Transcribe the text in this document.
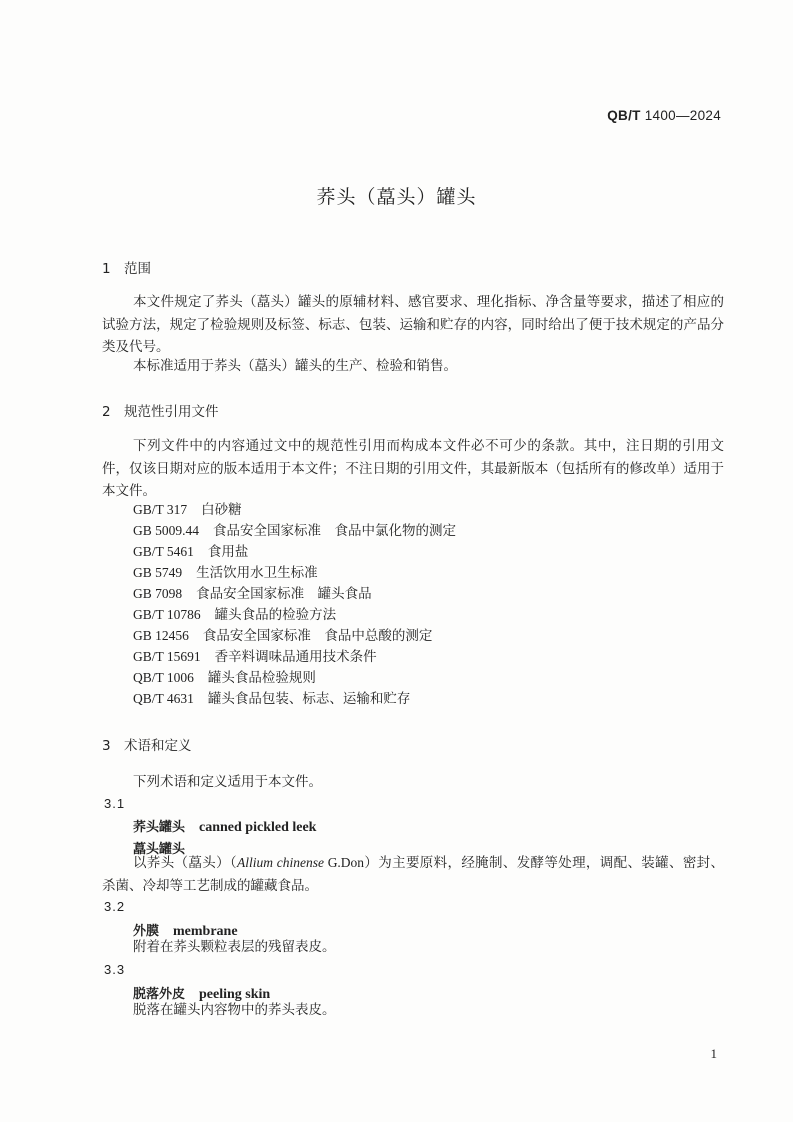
QB/T 1400—2024
荞头（藠头）罐头
1 范围
本文件规定了荞头（藠头）罐头的原辅材料、感官要求、理化指标、净含量等要求，描述了相应的试验方法，规定了检验规则及标签、标志、包装、运输和贮存的内容，同时给出了便于技术规定的产品分类及代号。
本标准适用于荞头（藠头）罐头的生产、检验和销售。
2 规范性引用文件
下列文件中的内容通过文中的规范性引用而构成本文件必不可少的条款。其中，注日期的引用文件，仅该日期对应的版本适用于本文件；不注日期的引用文件，其最新版本（包括所有的修改单）适用于本文件。
GB/T 317 白砂糖
GB 5009.44 食品安全国家标准　食品中氯化物的测定
GB/T 5461 食用盐
GB 5749 生活饮用水卫生标准
GB 7098 食品安全国家标准　罐头食品
GB/T 10786 罐头食品的检验方法
GB 12456 食品安全国家标准　食品中总酸的测定
GB/T 15691 香辛料调味品通用技术条件
QB/T 1006 罐头食品检验规则
QB/T 4631 罐头食品包装、标志、运输和贮存
3 术语和定义
下列术语和定义适用于本文件。
3.1
荞头罐头 canned pickled leek
藠头罐头
以荞头（藠头）（Allium chinense G.Don）为主要原料，经腌制、发酵等处理，调配、装罐、密封、杀菌、冷却等工艺制成的罐藏食品。
3.2
外膜 membrane
附着在荞头颗粒表层的残留表皮。
3.3
脱落外皮 peeling skin
脱落在罐头内容物中的荞头表皮。
1
